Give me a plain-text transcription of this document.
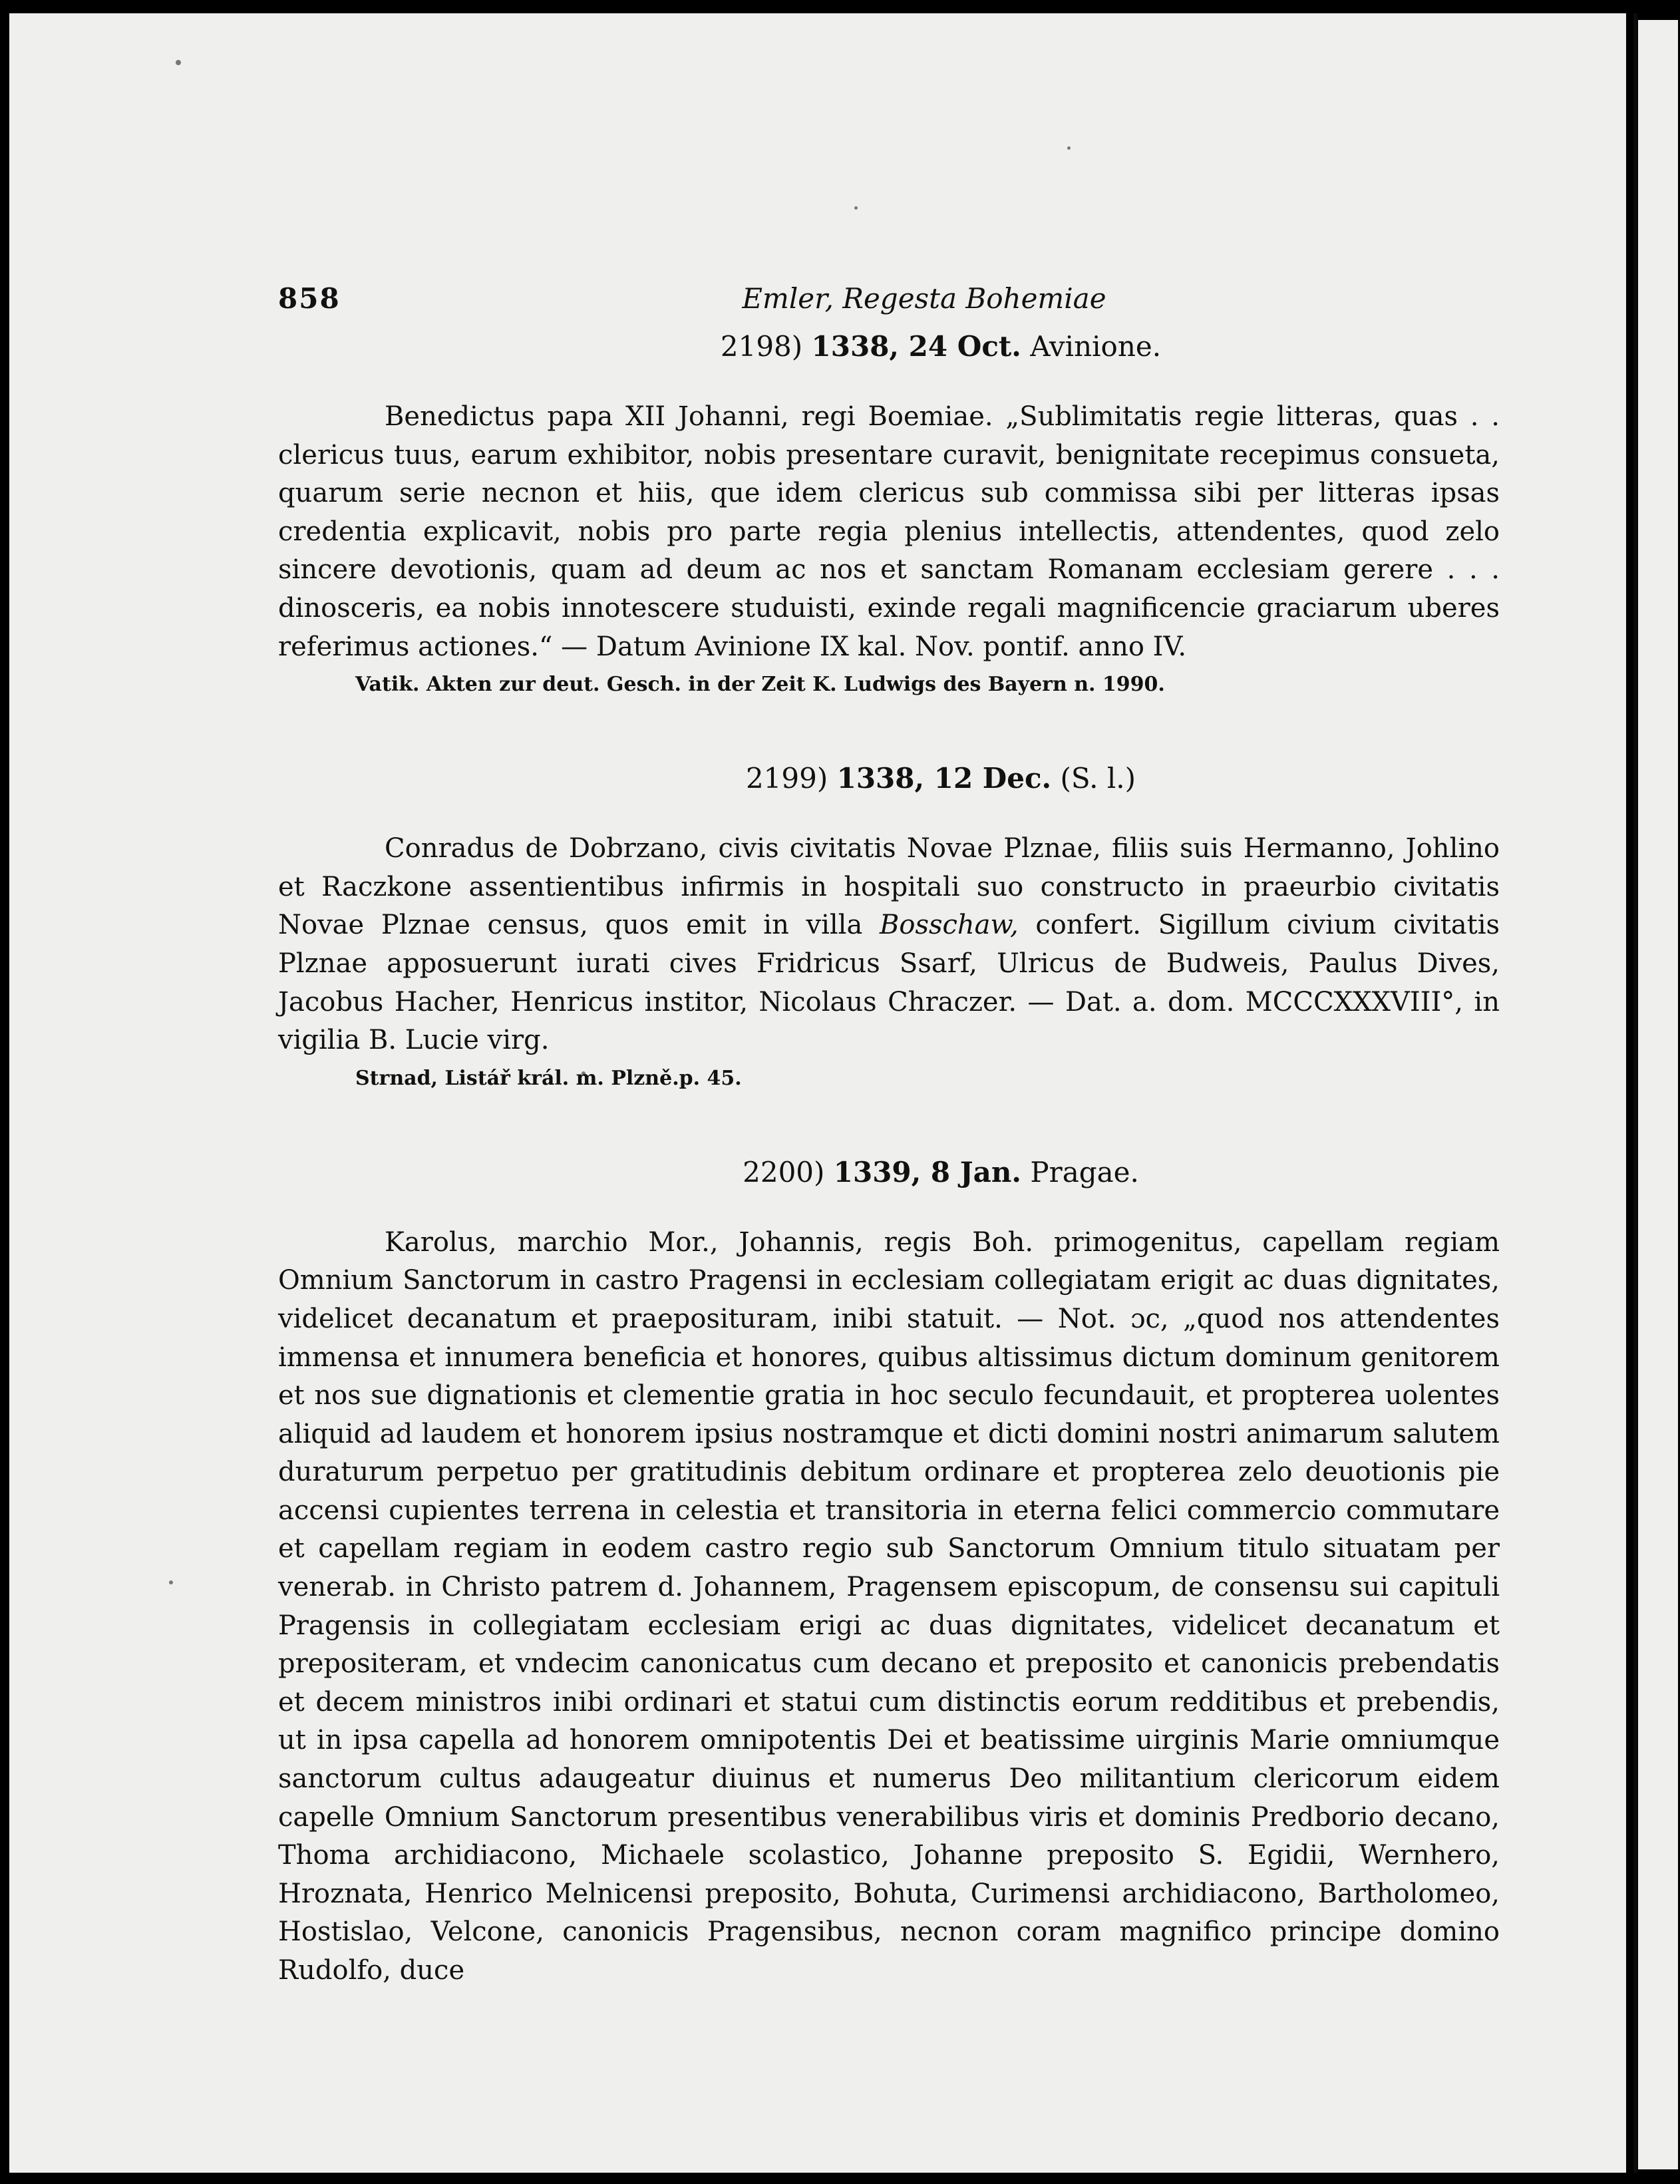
858	Emler, Regesta Bohemiae
2198) 1338, 24 Oct. Avinione.

Benedictus papa XII Johanni, regi Boemiae. „Sublimitatis regie litteras, quas . . clericus tuus, earum exhibitor, nobis presentare curavit, benignitate recepimus consueta, quarum serie necnon et hiis, que idem clericus sub commissa sibi per litteras ipsas credentia explicavit, nobis pro parte regia plenius intellectis, attendentes, quod zelo sincere devotionis, quam ad deum ac nos et sanctam Romanam ecclesiam gerere . . . dinosceris, ea nobis innotescere studuisti, exinde regali magnificencie graciarum uberes referimus actiones.“ — Datum Avinione IX kal. Nov. pontif. anno IV.

Vatik. Akten zur deut. Gesch. in der Zeit K. Ludwigs des Bayern n. 1990.
2199) 1338, 12 Dec. (S. l.)

Conradus de Dobrzano, civis civitatis Novae Plznae, filiis suis Hermanno, Johlino et Raczkone assentientibus infirmis in hospitali suo constructo in praeurbio civitatis Novae Plznae census, quos emit in villa Bosschaw, confert. Sigillum civium civitatis Plznae apposuerunt iurati cives Fridricus Ssarf, Ulricus de Budweis, Paulus Dives, Jacobus Hacher, Henricus institor, Nicolaus Chraczer. — Dat. a. dom. MCCCXXXVIII°, in vigilia B. Lucie virg.

Strnad, Listář král. m. Plzně.p. 45.
2200) 1339, 8 Jan. Pragae.

Karolus, marchio Mor., Johannis, regis Boh. primogenitus, capellam regiam Omnium Sanctorum in castro Pragensi in ecclesiam collegiatam erigit ac duas dignitates, videlicet decanatum et praeposituram, inibi statuit. — Not. ɔc, „quod nos attendentes immensa et innumera beneficia et honores, quibus altissimus dictum dominum genitorem et nos sue dignationis et clementie gratia in hoc seculo fecundauit, et propterea uolentes aliquid ad laudem et honorem ipsius nostramque et dicti domini nostri animarum salutem duraturum perpetuo per gratitudinis debitum ordinare et propterea zelo deuotionis pie accensi cupientes terrena in celestia et transitoria in eterna felici commercio commutare et capellam regiam in eodem castro regio sub Sanctorum Omnium titulo situatam per venerab. in Christo patrem d. Johannem, Pragensem episcopum, de consensu sui capituli Pragensis in collegiatam ecclesiam erigi ac duas dignitates, videlicet decanatum et prepositeram, et vndecim canonicatus cum decano et preposito et canonicis prebendatis et decem ministros inibi ordinari et statui cum distinctis eorum redditibus et prebendis, ut in ipsa capella ad honorem omnipotentis Dei et beatissime uirginis Marie omniumque sanctorum cultus adaugeatur diuinus et numerus Deo militantium clericorum eidem capelle Omnium Sanctorum presentibus venerabilibus viris et dominis Predborio decano, Thoma archidiacono, Michaele scolastico, Johanne preposito S. Egidii, Wernhero, Hroznata, Henrico Melnicensi preposito, Bohuta, Curimensi archidiacono, Bartholomeo, Hostislao, Velcone, canonicis Pragensibus, necnon coram magnifico principe domino Rudolfo, duce
